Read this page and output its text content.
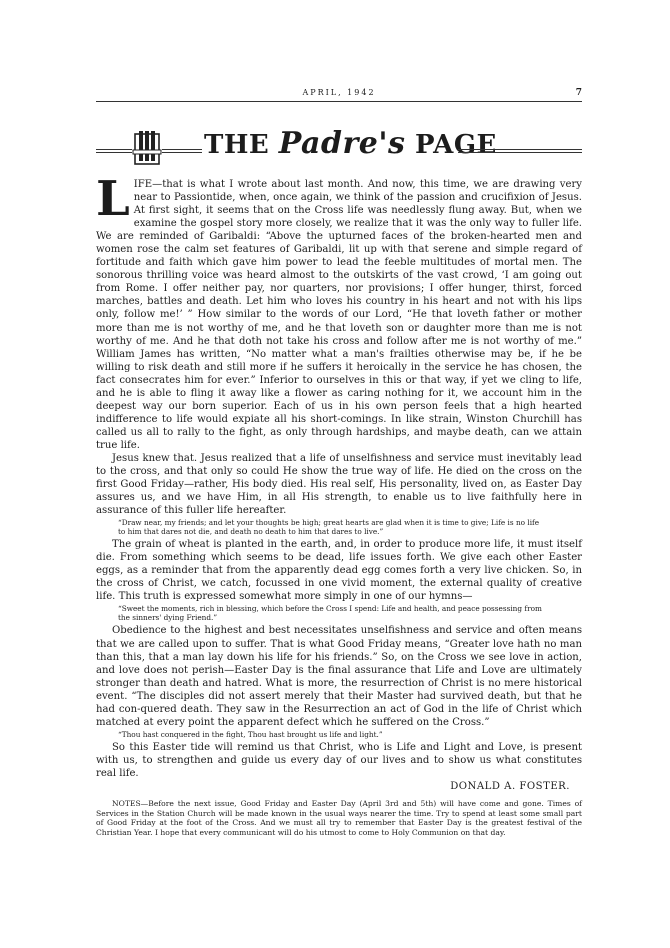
APRIL, 1942	7
THE Padre's PAGE

LIFE—that is what I wrote about last month. And now, this time, we are drawing very near to Passiontide, when, once again, we think of the passion and crucifixion of Jesus. At first sight, it seems that on the Cross life was needlessly flung away. But, when we examine the gospel story more closely, we realize that it was the only way to fuller life. We are reminded of Garibaldi: “Above the upturned faces of the broken-hearted men and women rose the calm set features of Garibaldi, lit up with that serene and simple regard of fortitude and faith which gave him power to lead the feeble multitudes of mortal men. The sonorous thrilling voice was heard almost to the outskirts of the vast crowd, ‘I am going out from Rome. I offer neither pay, nor quarters, nor provisions; I offer hunger, thirst, forced marches, battles and death. Let him who loves his country in his heart and not with his lips only, follow me!’ ” How similar to the words of our Lord, “He that loveth father or mother more than me is not worthy of me, and he that loveth son or daughter more than me is not worthy of me. And he that doth not take his cross and follow after me is not worthy of me.” William James has written, “No matter what a man's frailties otherwise may be, if he be willing to risk death and still more if he suffers it heroically in the service he has chosen, the fact consecrates him for ever.” Inferior to ourselves in this or that way, if yet we cling to life, and he is able to fling it away like a flower as caring nothing for it, we account him in the deepest way our born superior. Each of us in his own person feels that a high hearted indifference to life would expiate all his short-comings. In like strain, Winston Churchill has called us all to rally to the fight, as only through hardships, and maybe death, can we attain true life.

Jesus knew that. Jesus realized that a life of unselfishness and service must inevitably lead to the cross, and that only so could He show the true way of life. He died on the cross on the first Good Friday—rather, His body died. His real self, His personality, lived on, as Easter Day assures us, and we have Him, in all His strength, to enable us to live faithfully here in assurance of this fuller life hereafter.

“Draw near, my friends; and let your thoughts be high; great hearts are glad when it is time to give; Life is no life to him that dares not die, and death no death to him that dares to live.”

The grain of wheat is planted in the earth, and, in order to produce more life, it must itself die. From something which seems to be dead, life issues forth. We give each other Easter eggs, as a reminder that from the apparently dead egg comes forth a very live chicken. So, in the cross of Christ, we catch, focussed in one vivid moment, the external quality of creative life. This truth is expressed somewhat more simply in one of our hymns—

“Sweet the moments, rich in blessing, which before the Cross I spend: Life and health, and peace possessing from the sinners' dying Friend.”

Obedience to the highest and best necessitates unselfishness and service and often means that we are called upon to suffer. That is what Good Friday means, “Greater love hath no man than this, that a man lay down his life for his friends.” So, on the Cross we see love in action, and love does not perish—Easter Day is the final assurance that Life and Love are ultimately stronger than death and hatred. What is more, the resurrection of Christ is no mere historical event. “The disciples did not assert merely that their Master had survived death, but that he had con-quered death. They saw in the Resurrection an act of God in the life of Christ which matched at every point the apparent defect which he suffered on the Cross.”

“Thou hast conquered in the fight, Thou hast brought us life and light.”

So this Easter tide will remind us that Christ, who is Life and Light and Love, is present with us, to strengthen and guide us every day of our lives and to show us what constitutes real life.

DONALD A. FOSTER.
NOTES—Before the next issue, Good Friday and Easter Day (April 3rd and 5th) will have come and gone. Times of Services in the Station Church will be made known in the usual ways nearer the time. Try to spend at least some small part of Good Friday at the foot of the Cross. And we must all try to remember that Easter Day is the greatest festival of the Christian Year. I hope that every communicant will do his utmost to come to Holy Communion on that day.
